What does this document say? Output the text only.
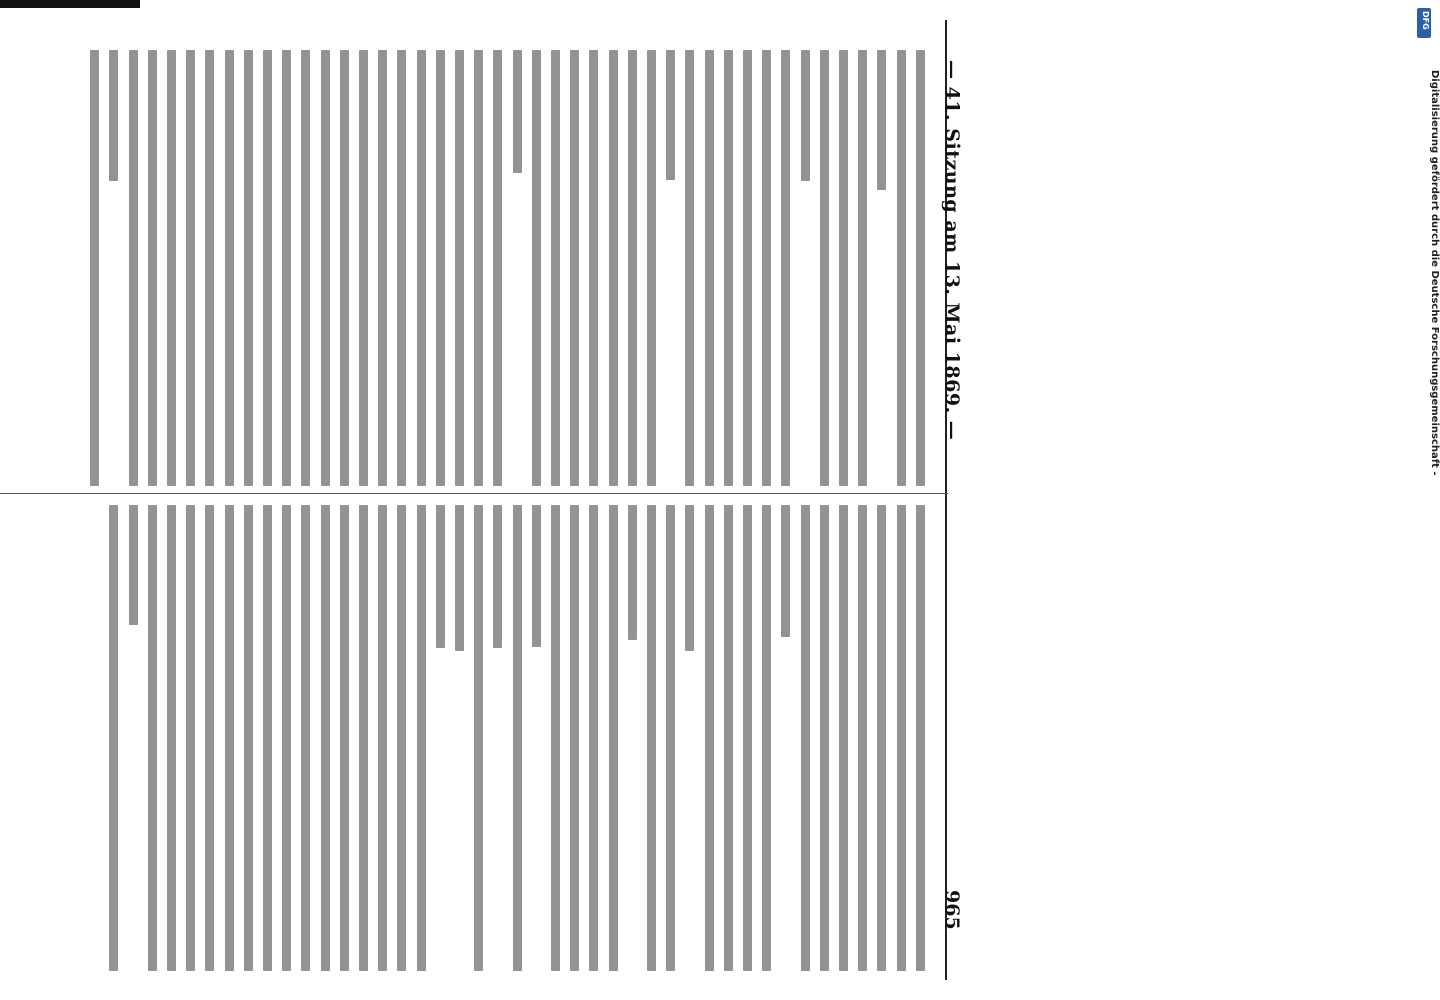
— 41. Sitzung am 13. Mai 1869. —
965
Digitalisierung gefördert durch die Deutsche Forschungsgemeinschaft -
DFG
